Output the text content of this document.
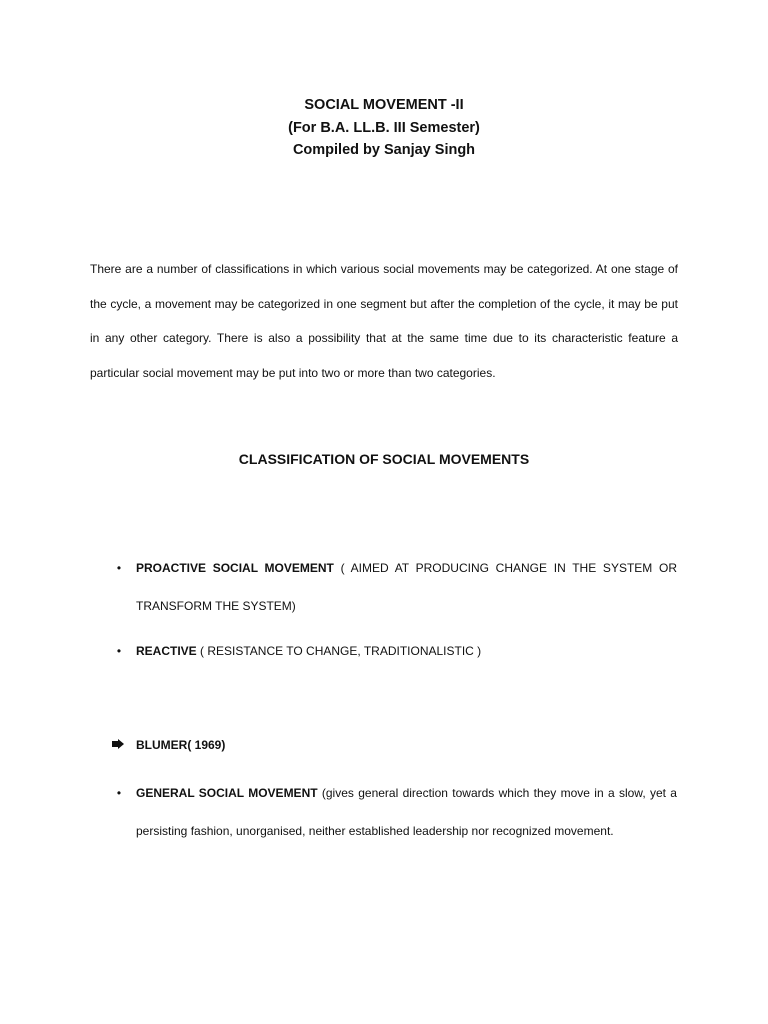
SOCIAL MOVEMENT -II
(For B.A. LL.B. III Semester)
Compiled by Sanjay Singh

There are a number of classifications in which various social movements may be categorized. At one stage of the cycle, a movement may be categorized in one segment but after the completion of the cycle, it may be put in any other category. There is also a possibility that at the same time due to its characteristic feature a particular social movement may be put into two or more than two categories.

CLASSIFICATION OF SOCIAL MOVEMENTS
•	PROACTIVE SOCIAL MOVEMENT ( AIMED AT PRODUCING CHANGE IN THE SYSTEM OR TRANSFORM THE SYSTEM)
•	REACTIVE ( RESISTANCE TO CHANGE, TRADITIONALISTIC )
BLUMER( 1969)
•	GENERAL SOCIAL MOVEMENT (gives general direction towards which they move in a slow, yet a persisting fashion, unorganised, neither established leadership nor recognized movement.
